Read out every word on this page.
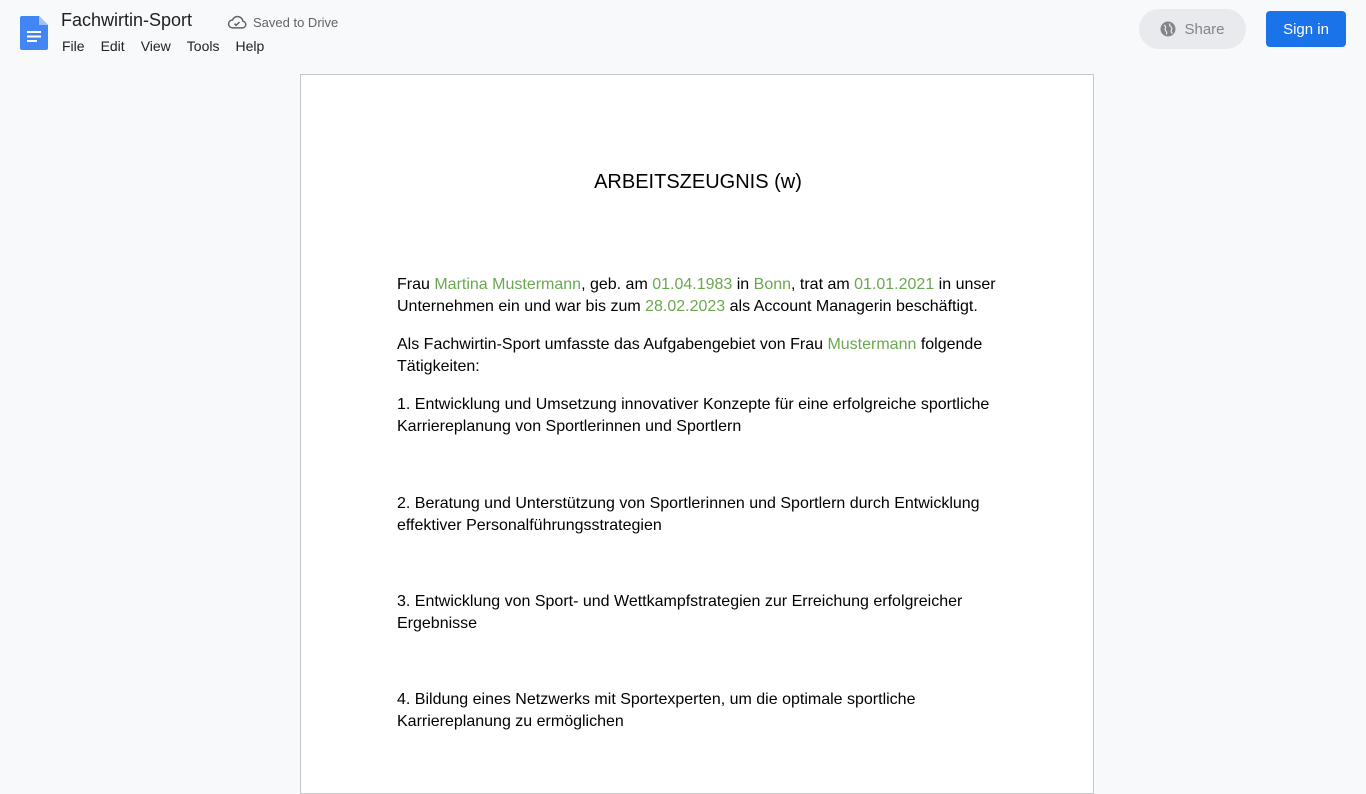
Fachwirtin-Sport	Saved to Drive
File	Edit	View	Tools	Help
Share	Sign in
ARBEITSZEUGNIS (w)
Frau Martina Mustermann, geb. am 01.04.1983 in Bonn, trat am 01.01.2021 in unser Unternehmen ein und war bis zum 28.02.2023 als Account Managerin beschäftigt.
Als Fachwirtin-Sport umfasste das Aufgabengebiet von Frau Mustermann folgende Tätigkeiten:
1. Entwicklung und Umsetzung innovativer Konzepte für eine erfolgreiche sportliche Karriereplanung von Sportlerinnen und Sportlern
2. Beratung und Unterstützung von Sportlerinnen und Sportlern durch Entwicklung effektiver Personalführungsstrategien
3. Entwicklung von Sport- und Wettkampfstrategien zur Erreichung erfolgreicher Ergebnisse
4. Bildung eines Netzwerks mit Sportexperten, um die optimale sportliche Karriereplanung zu ermöglichen
